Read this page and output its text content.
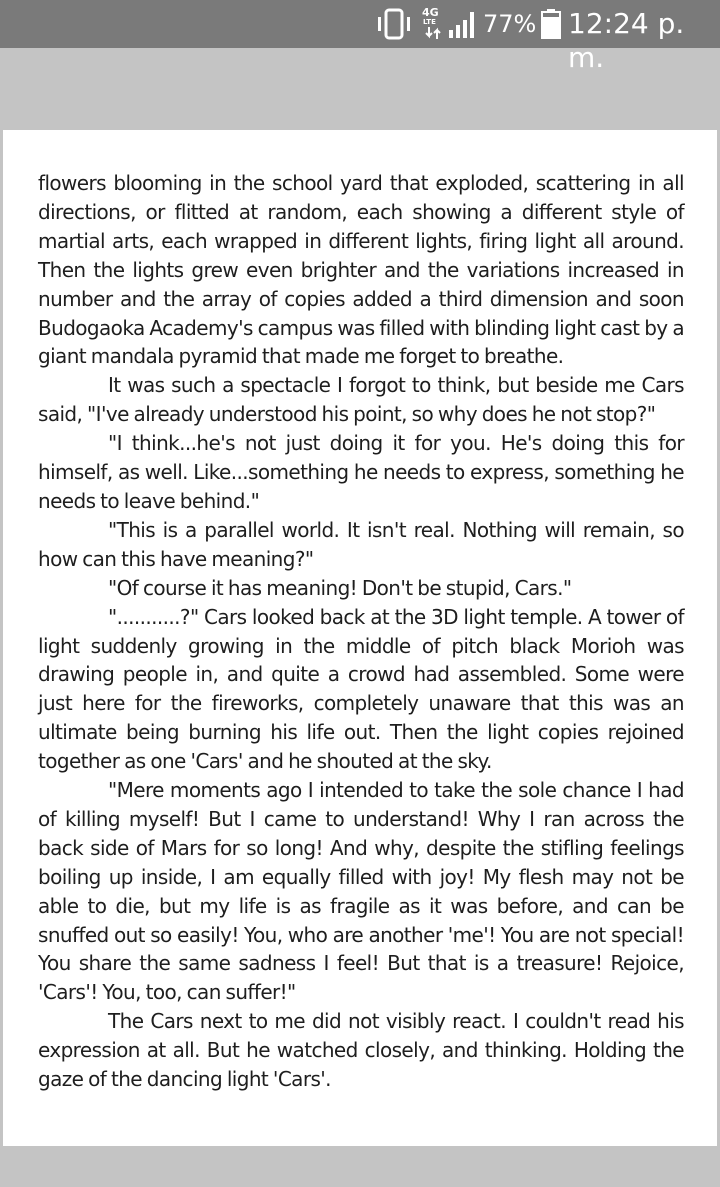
4G
LTE 77% 12:24 p. m.

flowers blooming in the school yard that exploded, scattering in all directions, or flitted at random, each showing a different style of martial arts, each wrapped in different lights, firing light all around. Then the lights grew even brighter and the variations increased in number and the array of copies added a third dimension and soon Budogaoka Academy's campus was filled with blinding light cast by a giant mandala pyramid that made me forget to breathe.

It was such a spectacle I forgot to think, but beside me Cars said, "I've already understood his point, so why does he not stop?"

"I think...he's not just doing it for you. He's doing this for himself, as well. Like...something he needs to express, something he needs to leave behind."

"This is a parallel world. It isn't real. Nothing will remain, so how can this have meaning?"

"Of course it has meaning! Don't be stupid, Cars."

"...........?" Cars looked back at the 3D light temple. A tower of light suddenly growing in the middle of pitch black Morioh was drawing people in, and quite a crowd had assembled. Some were just here for the fireworks, completely unaware that this was an ultimate being burning his life out. Then the light copies rejoined together as one 'Cars' and he shouted at the sky.

"Mere moments ago I intended to take the sole chance I had of killing myself! But I came to understand! Why I ran across the back side of Mars for so long! And why, despite the stifling feelings boiling up inside, I am equally filled with joy! My flesh may not be able to die, but my life is as fragile as it was before, and can be snuffed out so easily! You, who are another 'me'! You are not special! You share the same sadness I feel! But that is a treasure! Rejoice, 'Cars'! You, too, can suffer!"

The Cars next to me did not visibly react. I couldn't read his expression at all. But he watched closely, and thinking. Holding the gaze of the dancing light 'Cars'.
